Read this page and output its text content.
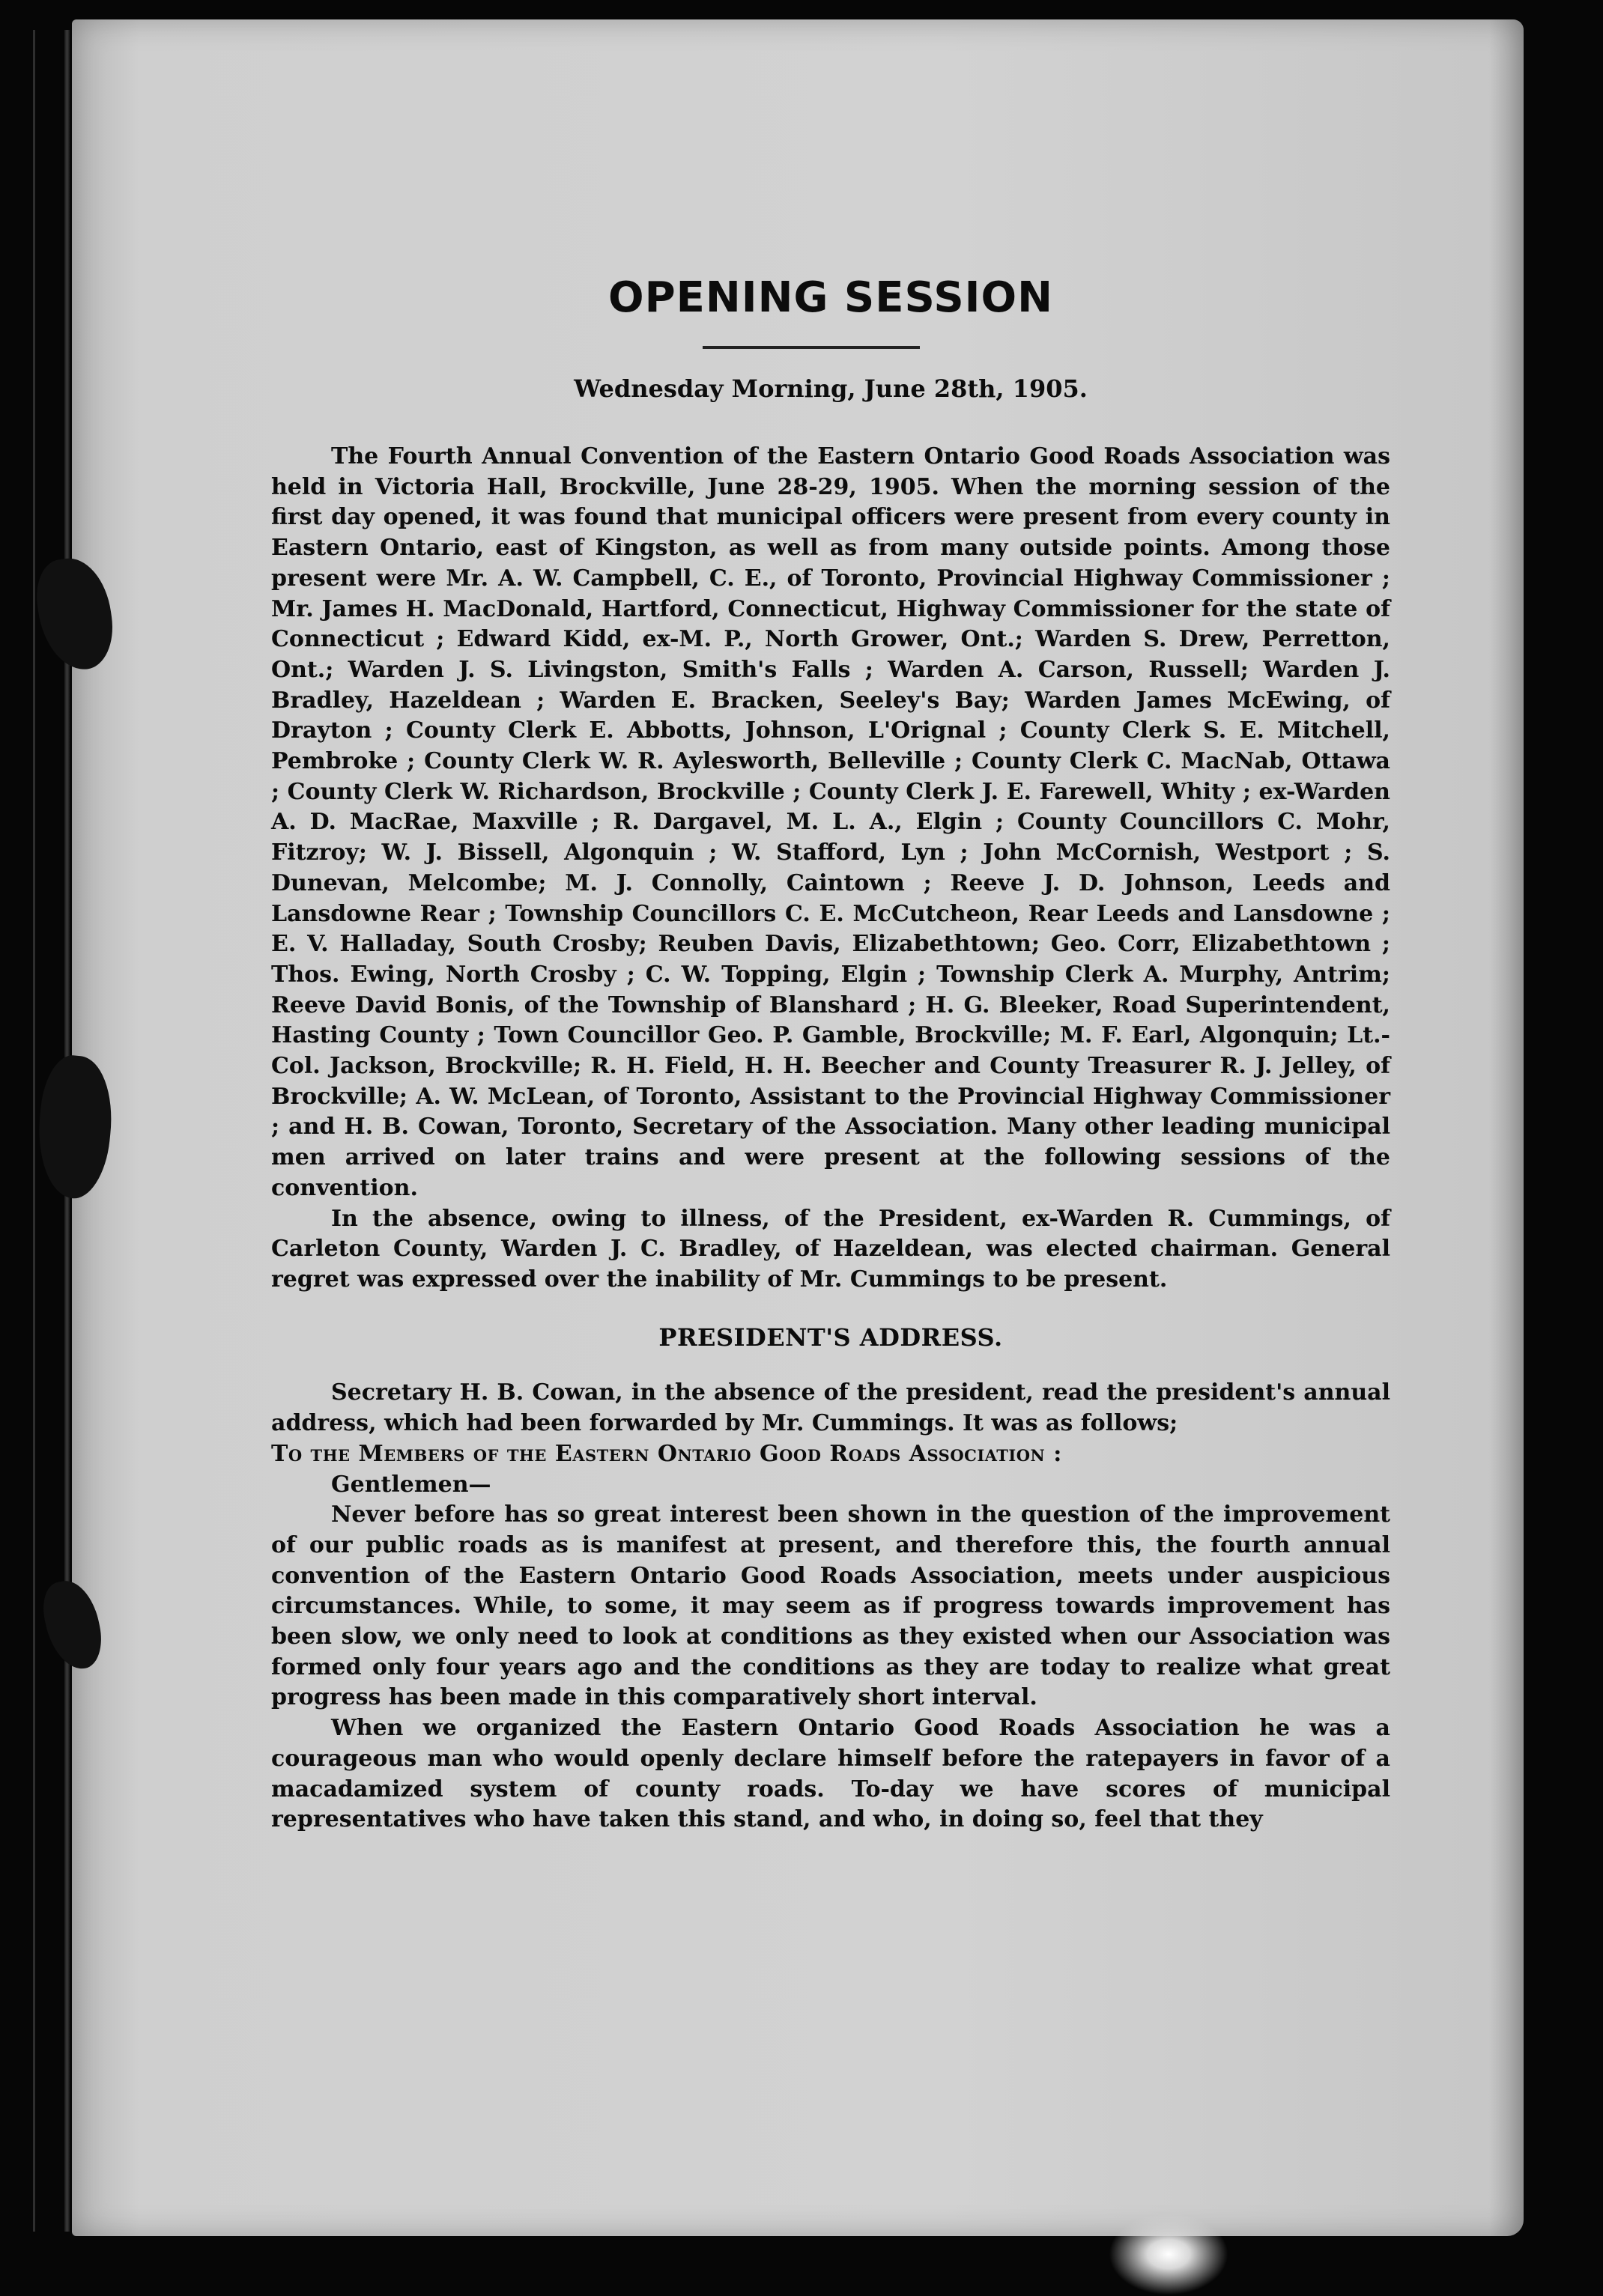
OPENING SESSION
Wednesday Morning, June 28th, 1905.

The Fourth Annual Convention of the Eastern Ontario Good Roads Association was held in Victoria Hall, Brockville, June 28-29, 1905. When the morning session of the first day opened, it was found that municipal officers were present from every county in Eastern Ontario, east of Kingston, as well as from many outside points. Among those present were Mr. A. W. Campbell, C. E., of Toronto, Provincial Highway Commissioner ; Mr. James H. MacDonald, Hartford, Connecticut, Highway Commissioner for the state of Connecticut ; Edward Kidd, ex-M. P., North Grower, Ont.; Warden S. Drew, Perretton, Ont.; Warden J. S. Livingston, Smith's Falls ; Warden A. Carson, Russell; Warden J. Bradley, Hazeldean ; Warden E. Bracken, Seeley's Bay; Warden James McEwing, of Drayton ; County Clerk E. Abbotts, Johnson, L'Orignal ; County Clerk S. E. Mitchell, Pembroke ; County Clerk W. R. Aylesworth, Belleville ; County Clerk C. MacNab, Ottawa ; County Clerk W. Richardson, Brockville ; County Clerk J. E. Farewell, Whity ; ex-Warden A. D. MacRae, Maxville ; R. Dargavel, M. L. A., Elgin ; County Councillors C. Mohr, Fitzroy; W. J. Bissell, Algonquin ; W. Stafford, Lyn ; John McCornish, Westport ; S. Dunevan, Melcombe; M. J. Connolly, Caintown ; Reeve J. D. Johnson, Leeds and Lansdowne Rear ; Township Councillors C. E. McCutcheon, Rear Leeds and Lansdowne ; E. V. Halladay, South Crosby; Reuben Davis, Elizabethtown; Geo. Corr, Elizabethtown ; Thos. Ewing, North Crosby ; C. W. Topping, Elgin ; Township Clerk A. Murphy, Antrim; Reeve David Bonis, of the Township of Blanshard ; H. G. Bleeker, Road Superintendent, Hasting County ; Town Councillor Geo. P. Gamble, Brockville; M. F. Earl, Algonquin; Lt.-Col. Jackson, Brockville; R. H. Field, H. H. Beecher and County Treasurer R. J. Jelley, of Brockville; A. W. McLean, of Toronto, Assistant to the Provincial Highway Commissioner ; and H. B. Cowan, Toronto, Secretary of the Association. Many other leading municipal men arrived on later trains and were present at the following sessions of the convention.

In the absence, owing to illness, of the President, ex-Warden R. Cummings, of Carleton County, Warden J. C. Bradley, of Hazeldean, was elected chairman. General regret was expressed over the inability of Mr. Cummings to be present.

PRESIDENT'S ADDRESS.

Secretary H. B. Cowan, in the absence of the president, read the president's annual address, which had been forwarded by Mr. Cummings. It was as follows;

To the Members of the Eastern Ontario Good Roads Association :

Gentlemen—

Never before has so great interest been shown in the question of the improvement of our public roads as is manifest at present, and therefore this, the fourth annual convention of the Eastern Ontario Good Roads Association, meets under auspicious circumstances. While, to some, it may seem as if progress towards improvement has been slow, we only need to look at conditions as they existed when our Association was formed only four years ago and the conditions as they are today to realize what great progress has been made in this comparatively short interval.

When we organized the Eastern Ontario Good Roads Association he was a courageous man who would openly declare himself before the ratepayers in favor of a macadamized system of county roads. To-day we have scores of municipal representatives who have taken this stand, and who, in doing so, feel that they
